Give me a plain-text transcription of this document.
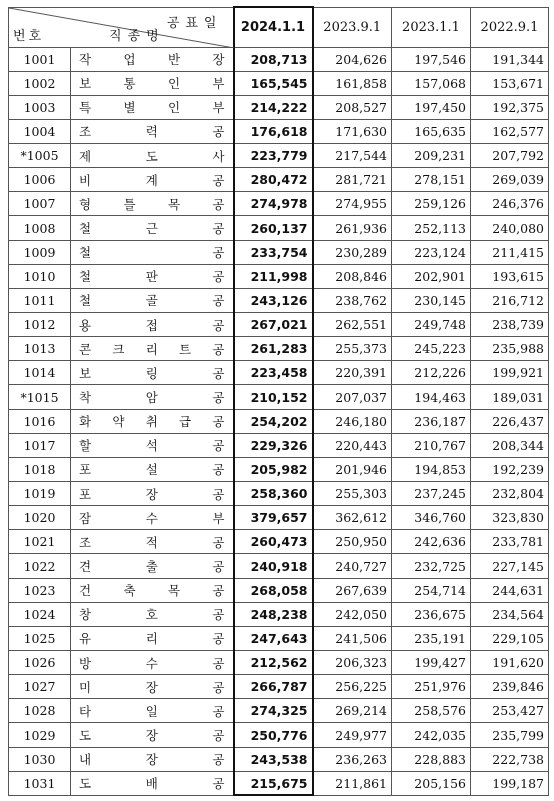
공표일
번호 직종명		2024.1.1	2023.9.1	2023.1.1	2022.9.1
1001	작 업 반 장	208,713	204,626	197,546	191,344
1002	보 통 인 부	165,545	161,858	157,068	153,671
1003	특 별 인 부	214,222	208,527	197,450	192,375
1004	조 력 공	176,618	171,630	165,635	162,577
*1005	제 도 사	223,779	217,544	209,231	207,792
1006	비 계 공	280,472	281,721	278,151	269,039
1007	형 틀 목 공	274,978	274,955	259,126	246,376
1008	철 근 공	260,137	261,936	252,113	240,080
1009	철 공	233,754	230,289	223,124	211,415
1010	철 판 공	211,998	208,846	202,901	193,615
1011	철 골 공	243,126	238,762	230,145	216,712
1012	용 접 공	267,021	262,551	249,748	238,739
1013	콘 크 리 트 공	261,283	255,373	245,223	235,988
1014	보 링 공	223,458	220,391	212,226	199,921
*1015	착 암 공	210,152	207,037	194,463	189,031
1016	화 약 취 급 공	254,202	246,180	236,187	226,437
1017	할 석 공	229,326	220,443	210,767	208,344
1018	포 설 공	205,982	201,946	194,853	192,239
1019	포 장 공	258,360	255,303	237,245	232,804
1020	잠 수 부	379,657	362,612	346,760	323,830
1021	조 적 공	260,473	250,950	242,636	233,781
1022	견 출 공	240,918	240,727	232,725	227,145
1023	건 축 목 공	268,058	267,639	254,714	244,631
1024	창 호 공	248,238	242,050	236,675	234,564
1025	유 리 공	247,643	241,506	235,191	229,105
1026	방 수 공	212,562	206,323	199,427	191,620
1027	미 장 공	266,787	256,225	251,976	239,846
1028	타 일 공	274,325	269,214	258,576	253,427
1029	도 장 공	250,776	249,977	242,035	235,799
1030	내 장 공	243,538	236,263	228,883	222,738
1031	도 배 공	215,675	211,861	205,156	199,187
